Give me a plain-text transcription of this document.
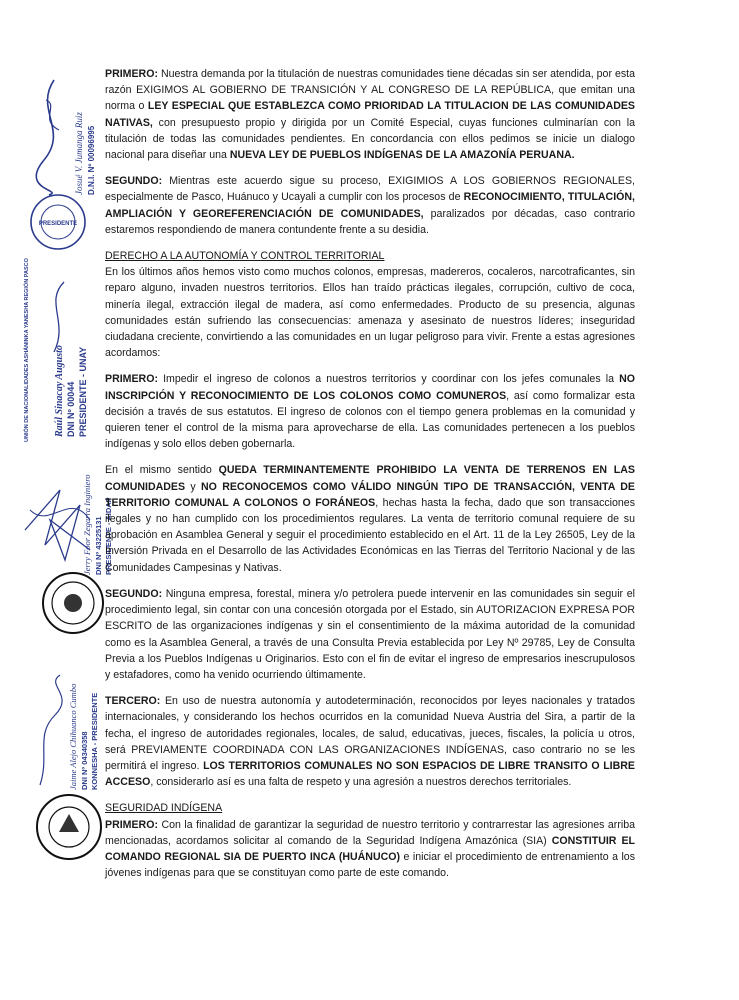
Josué V. Jumanga Ruiz D.N.I. Nº 00096995
PRESIDENTE
UNIÓN DE NACIONALIDADES ASHÁNINKA YANESHA REGIÓN PASCO Raúl Sinacay Augusto DNI Nº 00044 PRESIDENTE - UNAY
Jerry Foor Zegarra Inginiero DNI Nº 43225131 PRESIDENTE - AIDAP
Jaime Alejo Chihuanco Cumbo DNI Nº 04340358 KONNESHA - PRESIDENTE

PRIMERO: Nuestra demanda por la titulación de nuestras comunidades tiene décadas sin ser atendida, por esta razón EXIGIMOS AL GOBIERNO DE TRANSICIÓN Y AL CONGRESO DE LA REPÚBLICA, que emitan una norma o LEY ESPECIAL QUE ESTABLEZCA COMO PRIORIDAD LA TITULACION DE LAS COMUNIDADES NATIVAS, con presupuesto propio y dirigida por un Comité Especial, cuyas funciones culminarían con la titulación de todas las comunidades pendientes. En concordancia con ellos pedimos se inicie un dialogo nacional para diseñar una NUEVA LEY DE PUEBLOS INDÍGENAS DE LA AMAZONÍA PERUANA.

SEGUNDO: Mientras este acuerdo sigue su proceso, EXIGIMIOS A LOS GOBIERNOS REGIONALES, especialmente de Pasco, Huánuco y Ucayali a cumplir con los procesos de RECONOCIMIENTO, TITULACIÓN, AMPLIACIÓN Y GEOREFERENCIACIÓN DE COMUNIDADES, paralizados por décadas, caso contrario estaremos respondiendo de manera contundente frente a su desidia.

DERECHO A LA AUTONOMÍA Y CONTROL TERRITORIAL

En los últimos años hemos visto como muchos colonos, empresas, madereros, cocaleros, narcotraficantes, sin reparo alguno, invaden nuestros territorios. Ellos han traído prácticas ilegales, corrupción, cultivo de coca, minería ilegal, extracción ilegal de madera, así como enfermedades. Producto de su presencia, algunas comunidades están sufriendo las consecuencias: amenaza y asesinato de nuestros líderes; inseguridad ciudadana creciente, convirtiendo a las comunidades en un lugar peligroso para vivir. Frente a estas agresiones acordamos:

PRIMERO: Impedir el ingreso de colonos a nuestros territorios y coordinar con los jefes comunales la NO INSCRIPCIÓN Y RECONOCIMIENTO DE LOS COLONOS COMO COMUNEROS, así como formalizar esta decisión a través de sus estatutos. El ingreso de colonos con el tiempo genera problemas en la comunidad y quieren tener el control de la misma para aprovecharse de ella. Las comunidades pertenecen a los pueblos indígenas y solo ellos deben gobernarla.

En el mismo sentido QUEDA TERMINANTEMENTE PROHIBIDO LA VENTA DE TERRENOS EN LAS COMUNIDADES y NO RECONOCEMOS COMO VÁLIDO NINGÚN TIPO DE TRANSACCIÓN, VENTA DE TERRITORIO COMUNAL A COLONOS O FORÁNEOS, hechas hasta la fecha, dado que son transacciones ilegales y no han cumplido con los procedimientos regulares. La venta de territorio comunal requiere de su aprobación en Asamblea General y seguir el procedimiento establecido en el Art. 11 de la Ley 26505, Ley de la Inversión Privada en el Desarrollo de las Actividades Económicas en las Tierras del Territorio Nacional y de las Comunidades Campesinas y Nativas.

SEGUNDO: Ninguna empresa, forestal, minera y/o petrolera puede intervenir en las comunidades sin seguir el procedimiento legal, sin contar con una concesión otorgada por el Estado, sin AUTORIZACION EXPRESA POR ESCRITO de las organizaciones indígenas y sin el consentimiento de la máxima autoridad de la comunidad como es la Asamblea General, a través de una Consulta Previa establecida por Ley Nº 29785, Ley de Consulta Previa a los Pueblos Indígenas u Originarios. Esto con el fin de evitar el ingreso de empresarios inescrupulosos y estafadores, como ha venido ocurriendo últimamente.

TERCERO: En uso de nuestra autonomía y autodeterminación, reconocidos por leyes nacionales y tratados internacionales, y considerando los hechos ocurridos en la comunidad Nueva Austria del Sira, a partir de la fecha, el ingreso de autoridades regionales, locales, de salud, educativas, jueces, fiscales, la policía u otros, será PREVIAMENTE COORDINADA CON LAS ORGANIZACIONES INDÍGENAS, caso contrario no se les permitirá el ingreso. LOS TERRITORIOS COMUNALES NO SON ESPACIOS DE LIBRE TRANSITO O LIBRE ACCESO, considerarlo así es una falta de respeto y una agresión a nuestros derechos territoriales.

SEGURIDAD INDÍGENA

PRIMERO: Con la finalidad de garantizar la seguridad de nuestro territorio y contrarrestar las agresiones arriba mencionadas, acordamos solicitar al comando de la Seguridad Indígena Amazónica (SIA) CONSTITUIR EL COMANDO REGIONAL SIA DE PUERTO INCA (HUÁNUCO) e iniciar el procedimiento de entrenamiento a los jóvenes indígenas para que se constituyan como parte de este comando.
